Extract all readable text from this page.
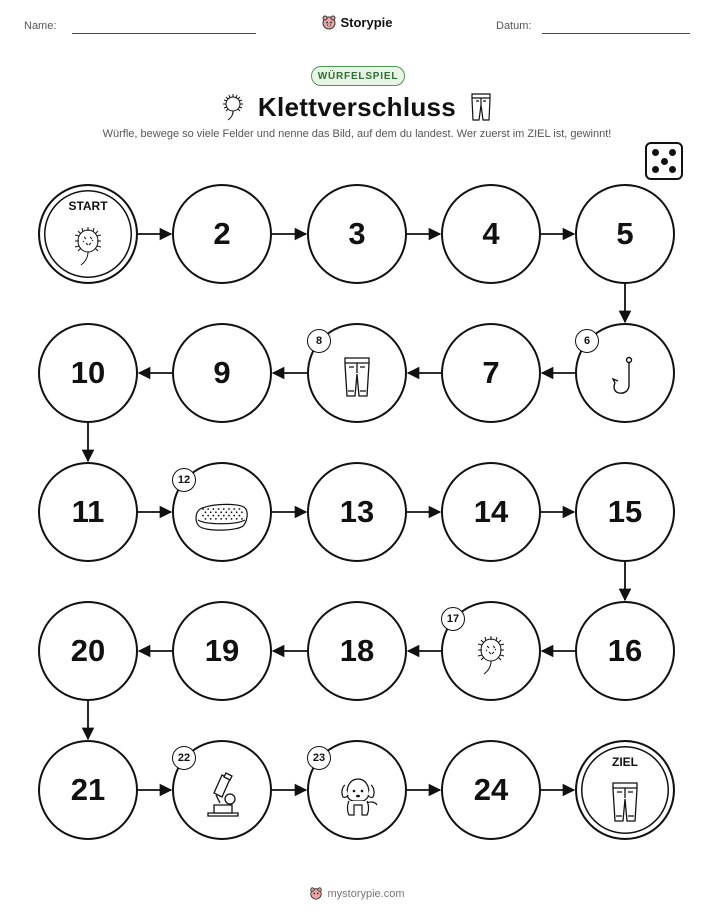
Name:	Storypie	Datum:
WÜRFELSPIEL
Klettverschluss
Würfle, bewege so viele Felder und nenne das Bild, auf dem du landest. Wer zuerst im ZIEL ist, gewinnt!
START
2	3	4	5
10	9
8
7
6
11
12
13	14	15
20	19	18
17
16
21
22	23
24
ZIEL
mystorypie.com
